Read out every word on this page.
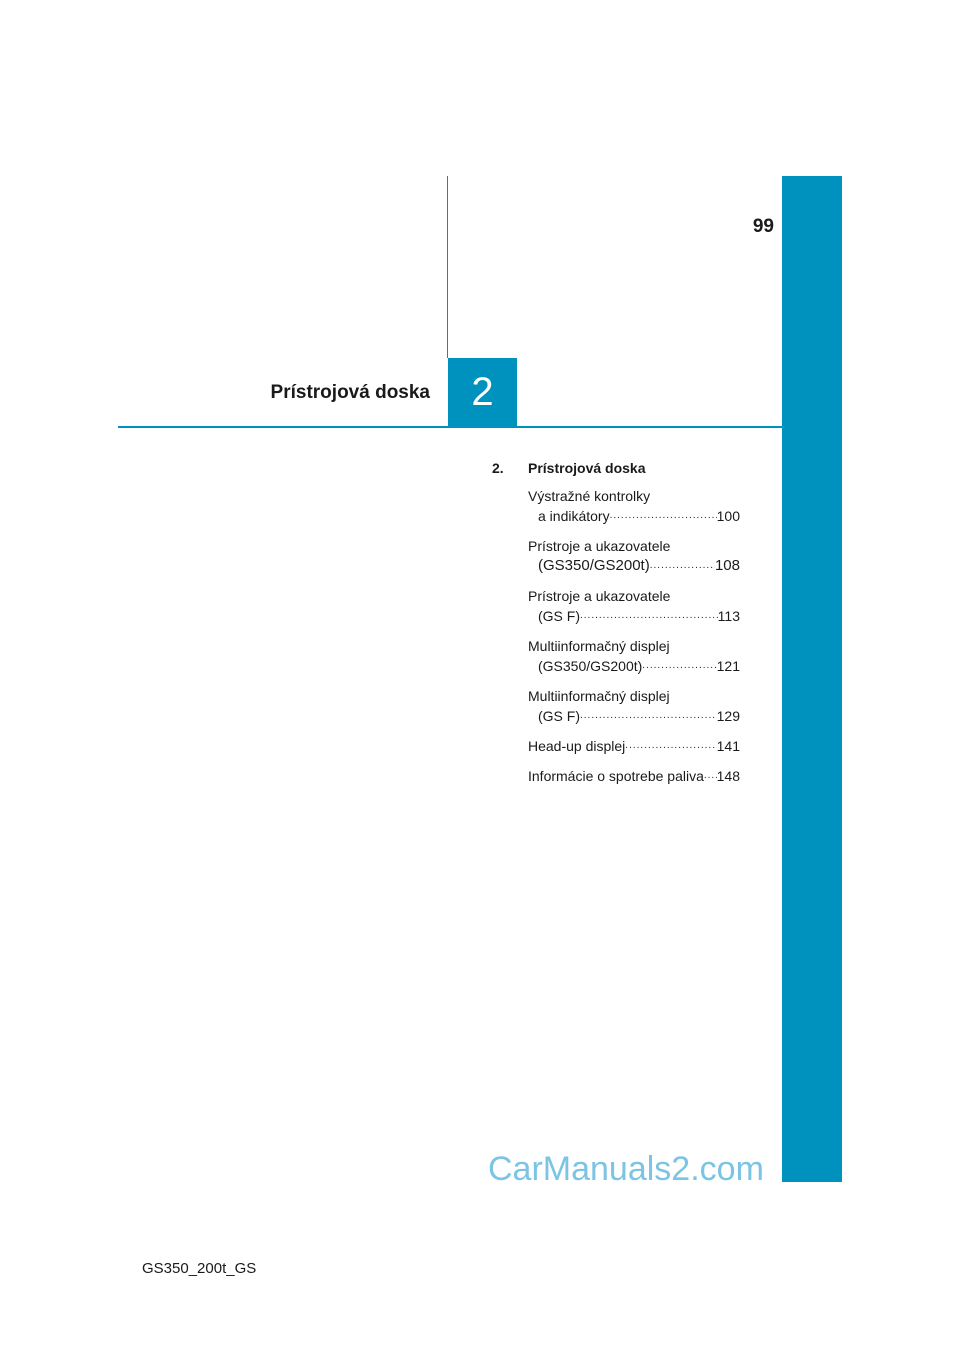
99
Prístrojová doska 2
2.	Prístrojová doska
Výstražné kontrolky
a indikátory .....	100
Prístroje a ukazovatele
(GS350/GS200t) .....	108
Prístroje a ukazovatele
(GS F) .....	113
Multiinformačný displej
(GS350/GS200t) .....	121
Multiinformačný displej
(GS F) .....	129
Head-up displej .....	141
Informácie o spotrebe paliva ..... 148
CarManuals2.com
GS350_200t_GS
